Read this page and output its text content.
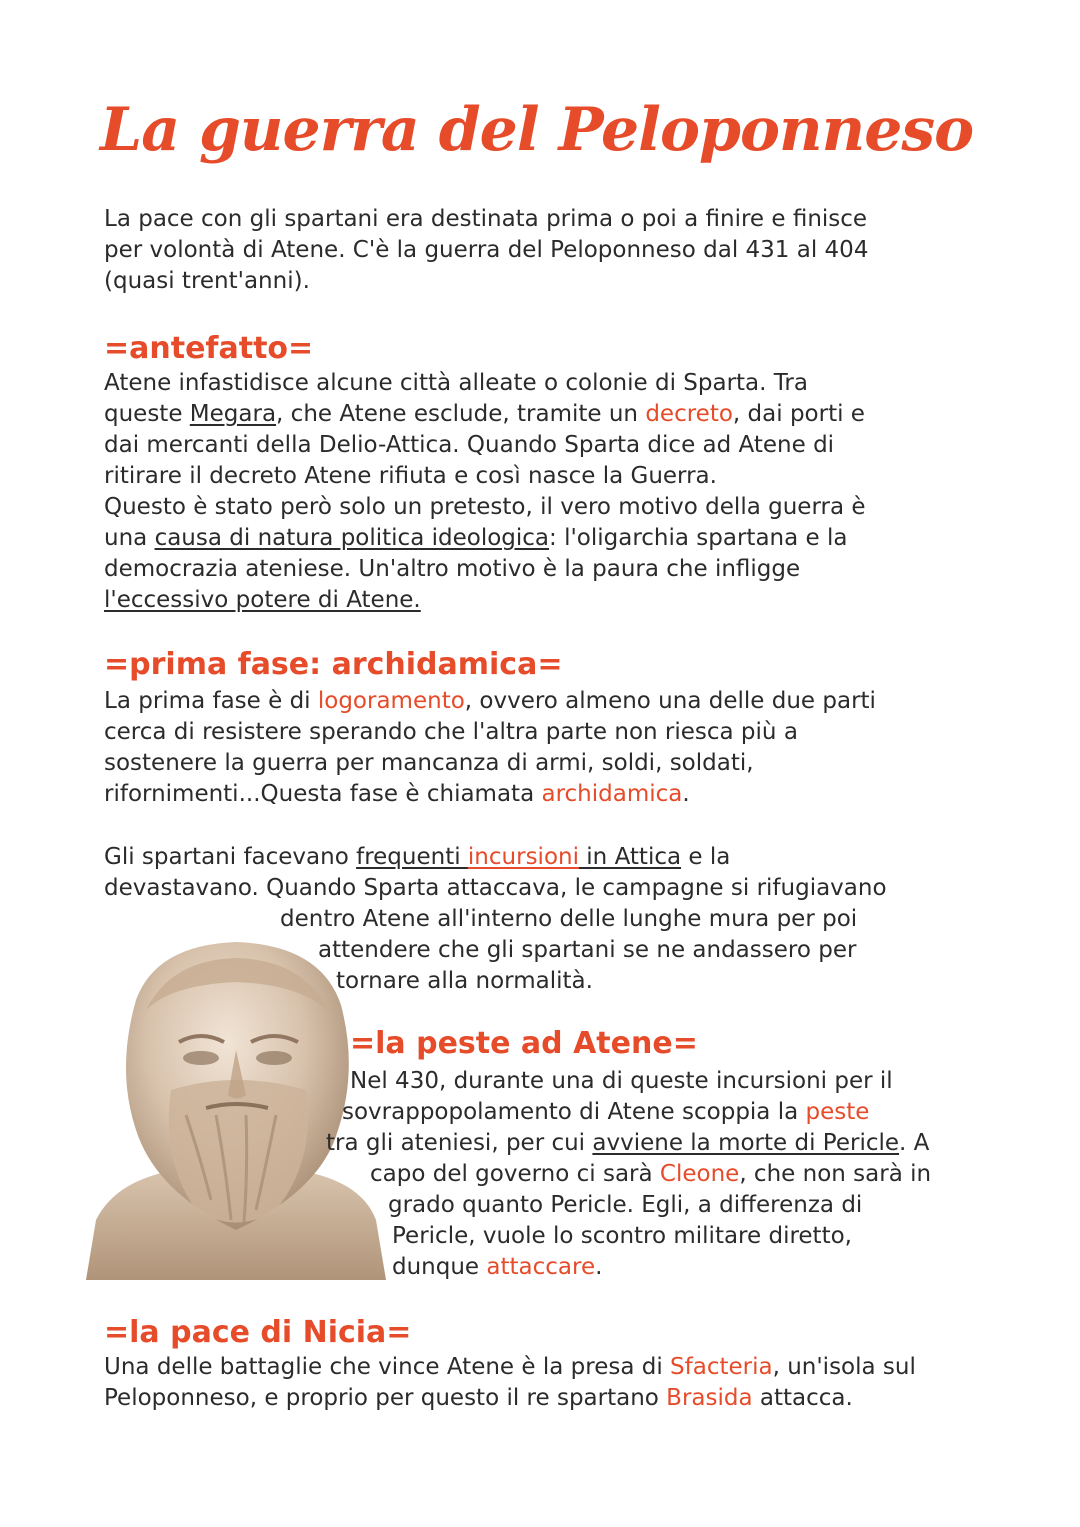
La guerra del Peloponneso
La pace con gli spartani era destinata prima o poi a finire e finisce
per volontà di Atene. C'è la guerra del Peloponneso dal 431 al 404
(quasi trent'anni).
=antefatto=
Atene infastidisce alcune città alleate o colonie di Sparta. Tra
queste Megara, che Atene esclude, tramite un decreto, dai porti e
dai mercanti della Delio-Attica. Quando Sparta dice ad Atene di
ritirare il decreto Atene rifiuta e così nasce la Guerra.
Questo è stato però solo un pretesto, il vero motivo della guerra è
una causa di natura politica ideologica: l'oligarchia spartana e la
democrazia ateniese. Un'altro motivo è la paura che infligge
l'eccessivo potere di Atene.
=prima fase: archidamica=
La prima fase è di logoramento, ovvero almeno una delle due parti
cerca di resistere sperando che l'altra parte non riesca più a
sostenere la guerra per mancanza di armi, soldi, soldati,
rifornimenti...Questa fase è chiamata archidamica.
Gli spartani facevano frequenti incursioni in Attica e la
devastavano. Quando Sparta attaccava, le campagne si rifugiavano
dentro Atene all'interno delle lunghe mura per poi
attendere che gli spartani se ne andassero per
tornare alla normalità.
=la peste ad Atene=
Nel 430, durante una di queste incursioni per il
sovrappopolamento di Atene scoppia la peste
tra gli ateniesi, per cui avviene la morte di Pericle. A
capo del governo ci sarà Cleone, che non sarà in
grado quanto Pericle. Egli, a differenza di
Pericle, vuole lo scontro militare diretto,
dunque attaccare.
=la pace di Nicia=
Una delle battaglie che vince Atene è la presa di Sfacteria, un'isola sul
Peloponneso, e proprio per questo il re spartano Brasida attacca.
